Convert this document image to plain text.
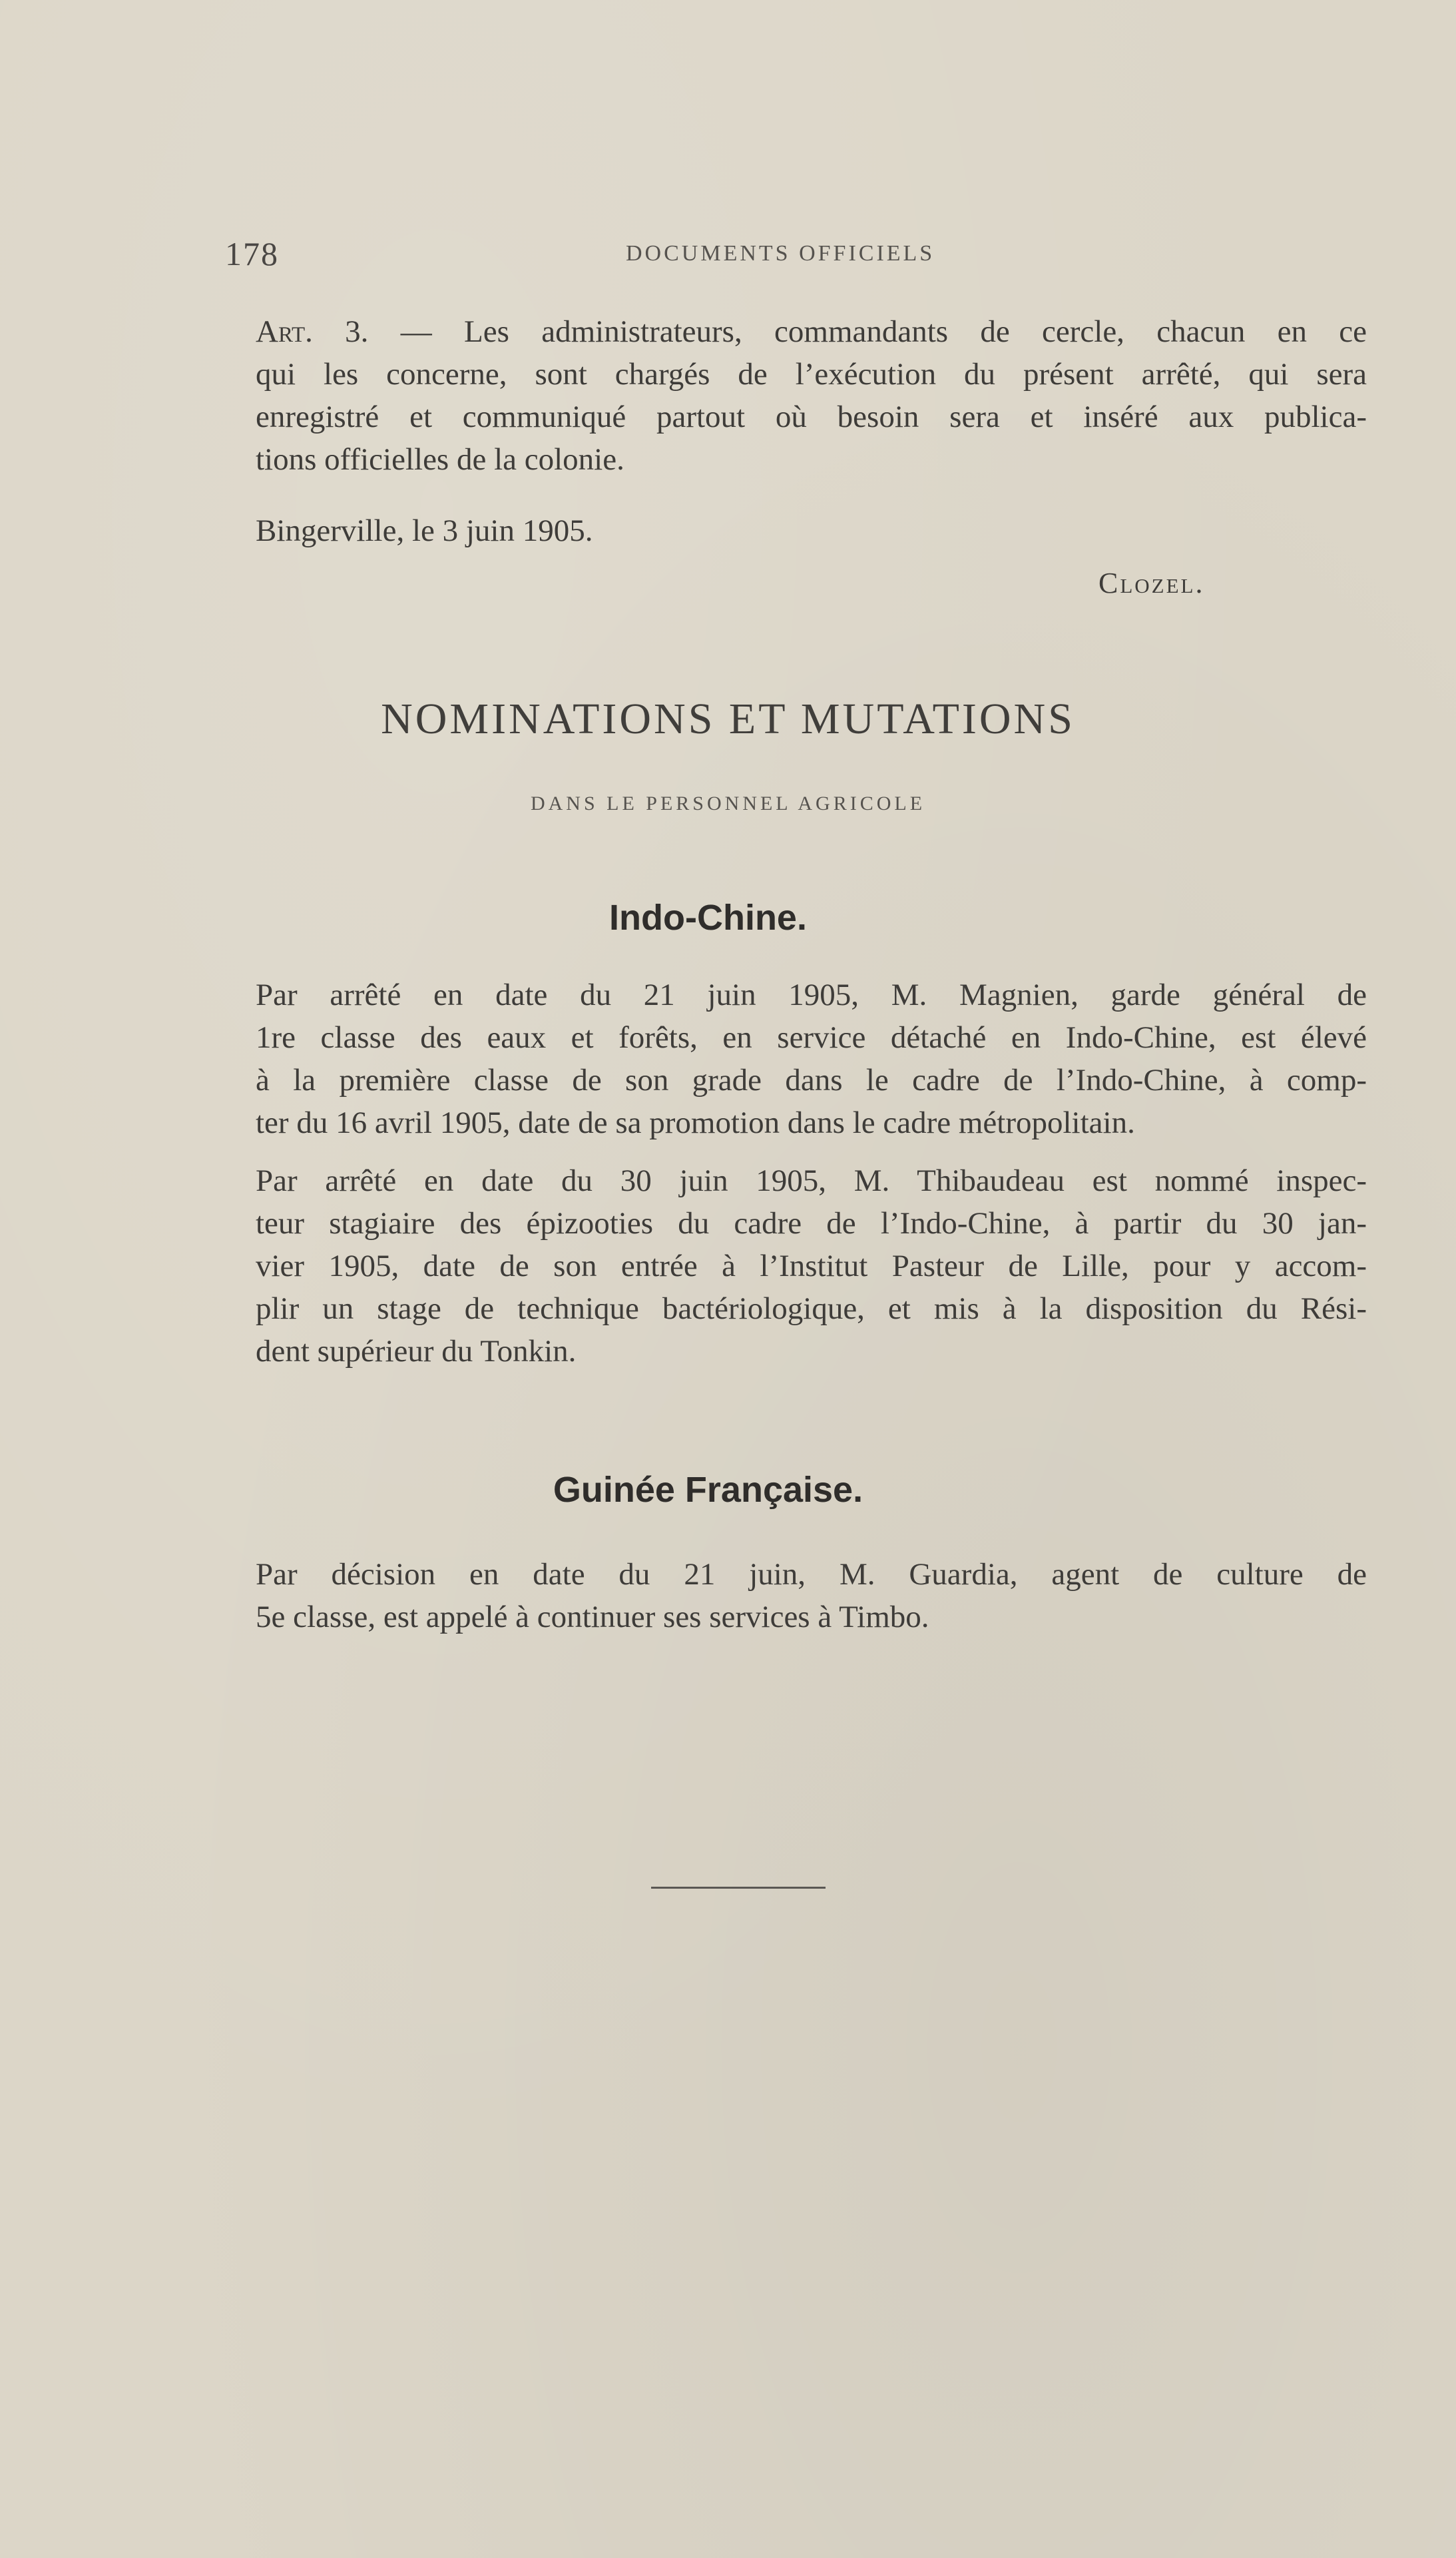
178	DOCUMENTS OFFICIELS
Art. 3. — Les administrateurs, commandants de cercle, chacun en ce
qui les concerne, sont chargés de l’exécution du présent arrêté, qui sera
enregistré et communiqué partout où besoin sera et inséré aux publica-
tions officielles de la colonie.
Bingerville, le 3 juin 1905.
Clozel.
NOMINATIONS ET MUTATIONS
DANS LE PERSONNEL AGRICOLE
Indo-Chine.
Par arrêté en date du 21 juin 1905, M. Magnien, garde général de
1re classe des eaux et forêts, en service détaché en Indo-Chine, est élevé
à la première classe de son grade dans le cadre de l’Indo-Chine, à comp-
ter du 16 avril 1905, date de sa promotion dans le cadre métropolitain.
Par arrêté en date du 30 juin 1905, M. Thibaudeau est nommé inspec-
teur stagiaire des épizooties du cadre de l’Indo-Chine, à partir du 30 jan-
vier 1905, date de son entrée à l’Institut Pasteur de Lille, pour y accom-
plir un stage de technique bactériologique, et mis à la disposition du Rési-
dent supérieur du Tonkin.
Guinée Française.
Par décision en date du 21 juin, M. Guardia, agent de culture de
5e classe, est appelé à continuer ses services à Timbo.
